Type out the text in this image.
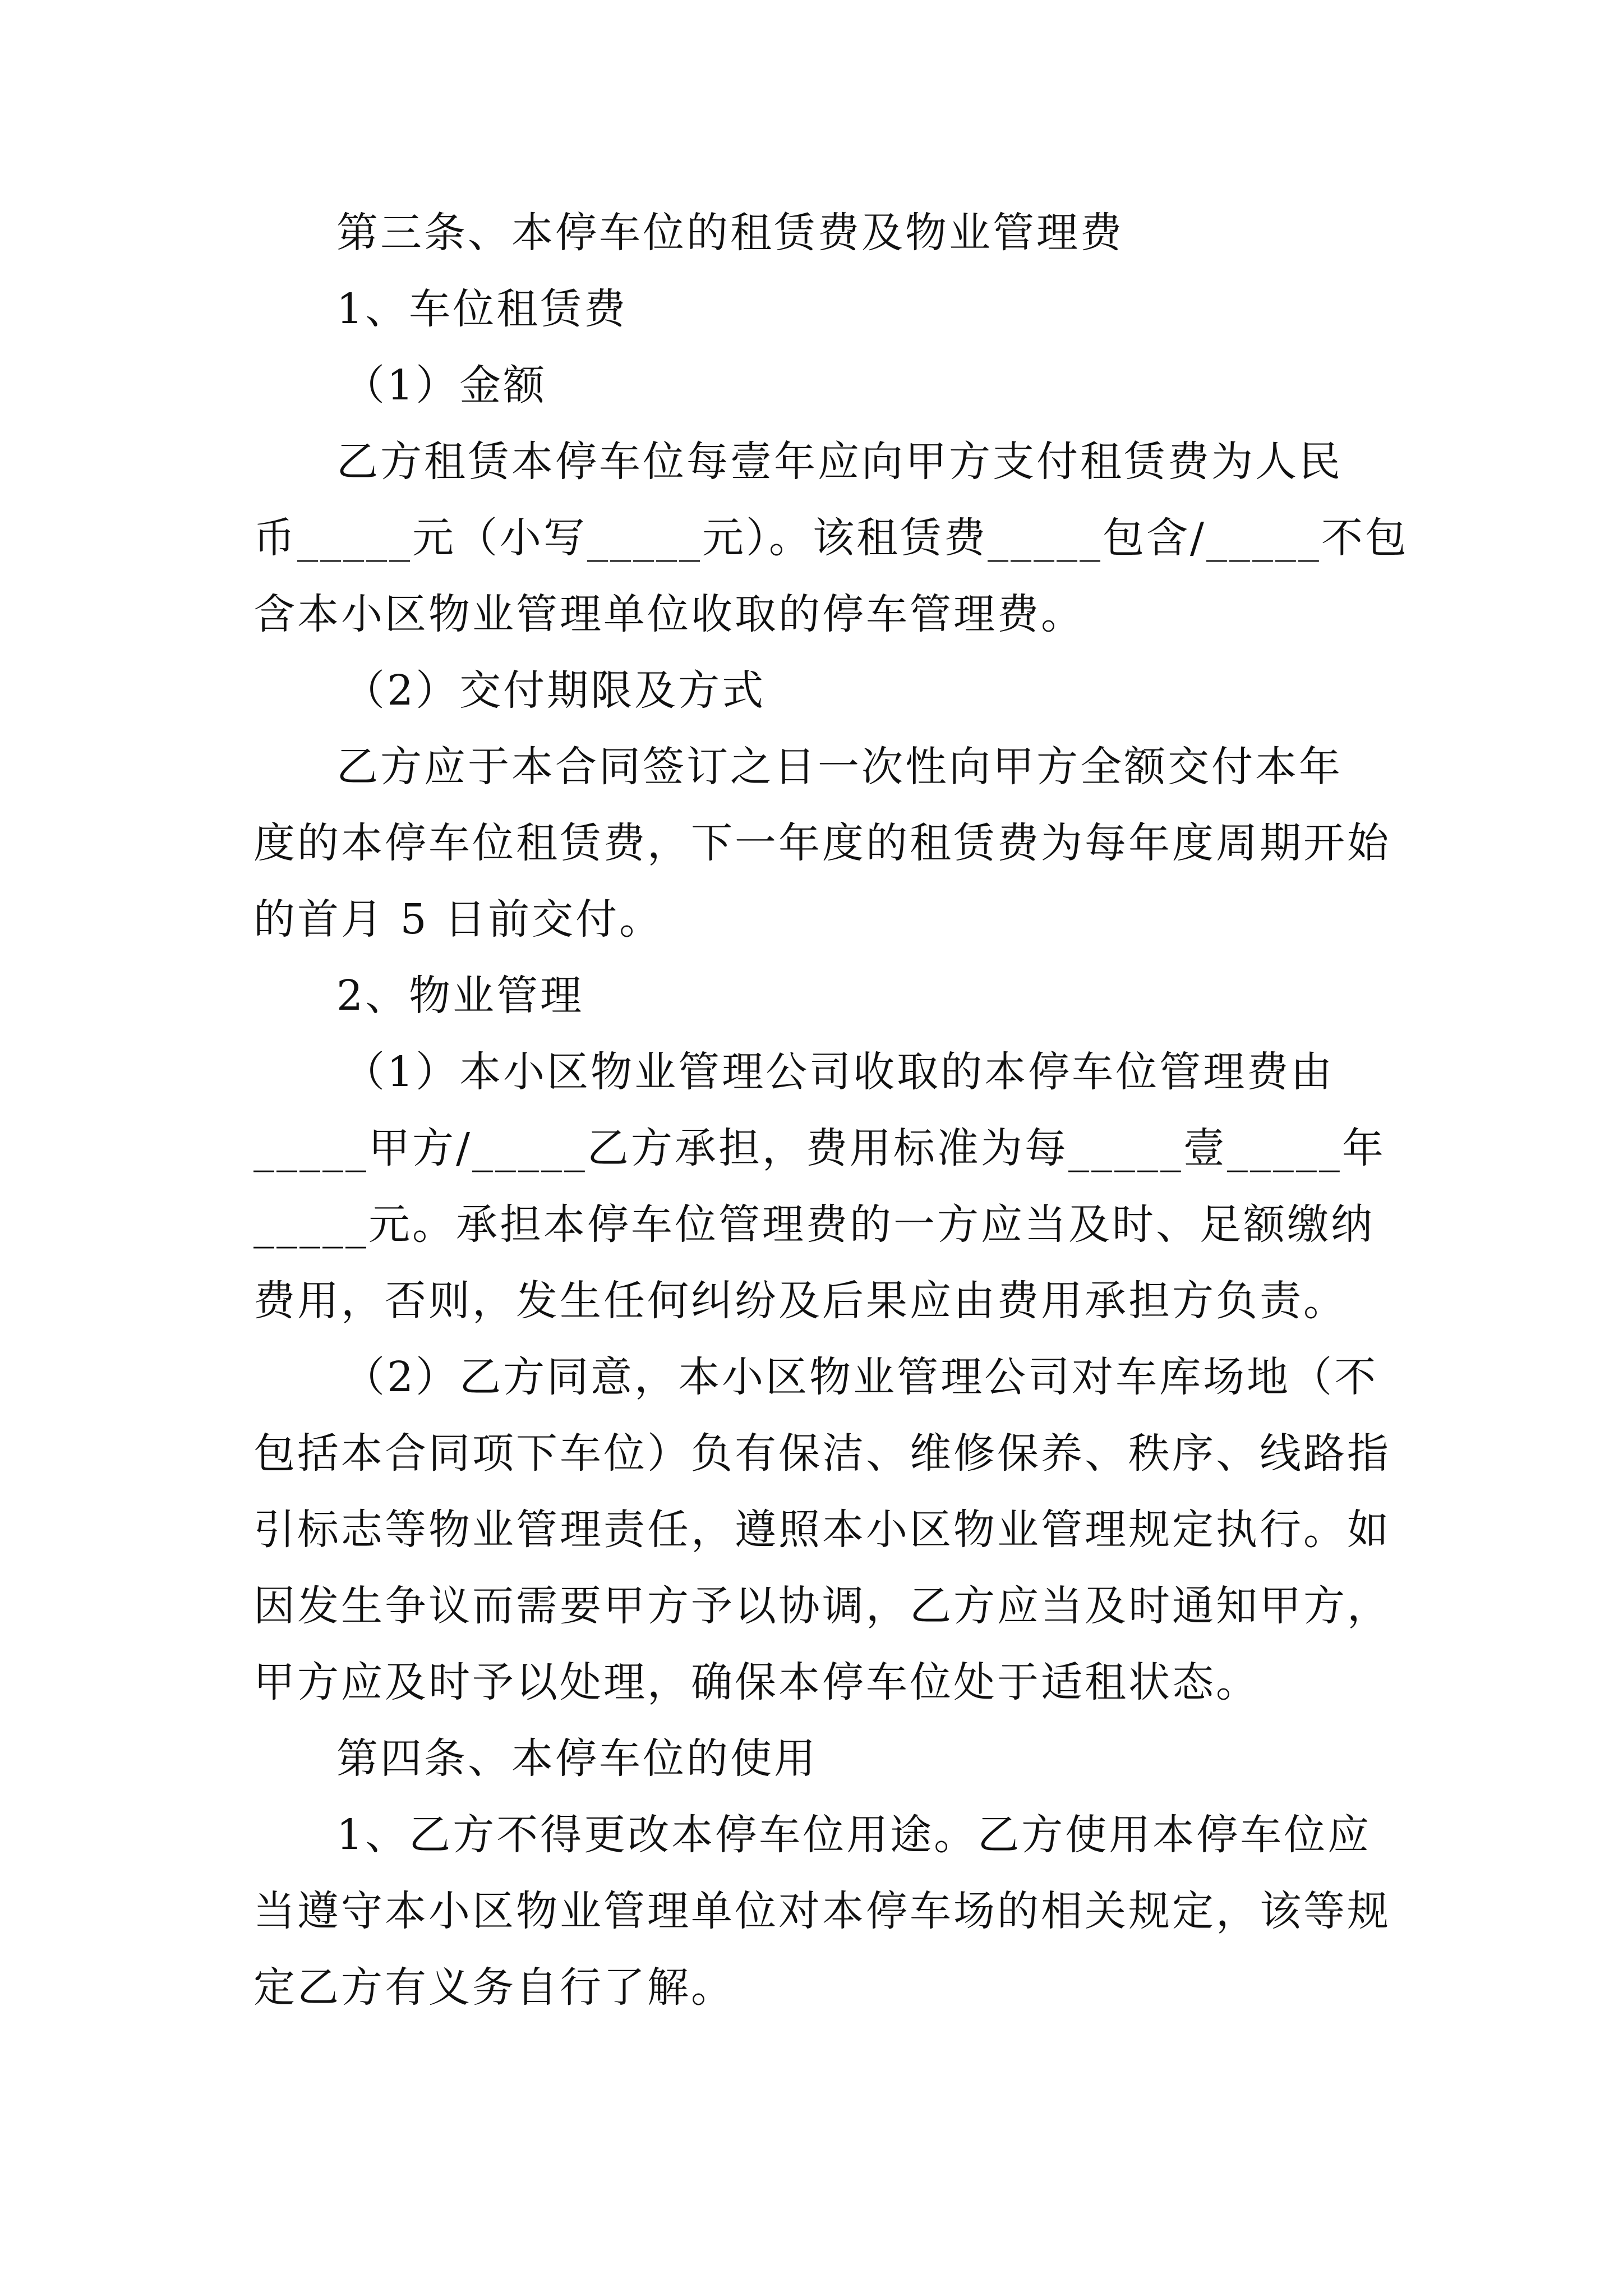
第三条、本停车位的租赁费及物业管理费
1、车位租赁费
（1）金额
乙方租赁本停车位每壹年应向甲方支付租赁费为人民
币_____元（小写_____元）。该租赁费_____包含/_____不包
含本小区物业管理单位收取的停车管理费。
（2）交付期限及方式
乙方应于本合同签订之日一次性向甲方全额交付本年
度的本停车位租赁费，下一年度的租赁费为每年度周期开始
的首月 5 日前交付。
2、物业管理
（1）本小区物业管理公司收取的本停车位管理费由
_____甲方/_____乙方承担，费用标准为每_____壹_____年
_____元。承担本停车位管理费的一方应当及时、足额缴纳
费用，否则，发生任何纠纷及后果应由费用承担方负责。
（2）乙方同意，本小区物业管理公司对车库场地（不
包括本合同项下车位）负有保洁、维修保养、秩序、线路指
引标志等物业管理责任，遵照本小区物业管理规定执行。如
因发生争议而需要甲方予以协调，乙方应当及时通知甲方，
甲方应及时予以处理，确保本停车位处于适租状态。
第四条、本停车位的使用
1、乙方不得更改本停车位用途。乙方使用本停车位应
当遵守本小区物业管理单位对本停车场的相关规定，该等规
定乙方有义务自行了解。
